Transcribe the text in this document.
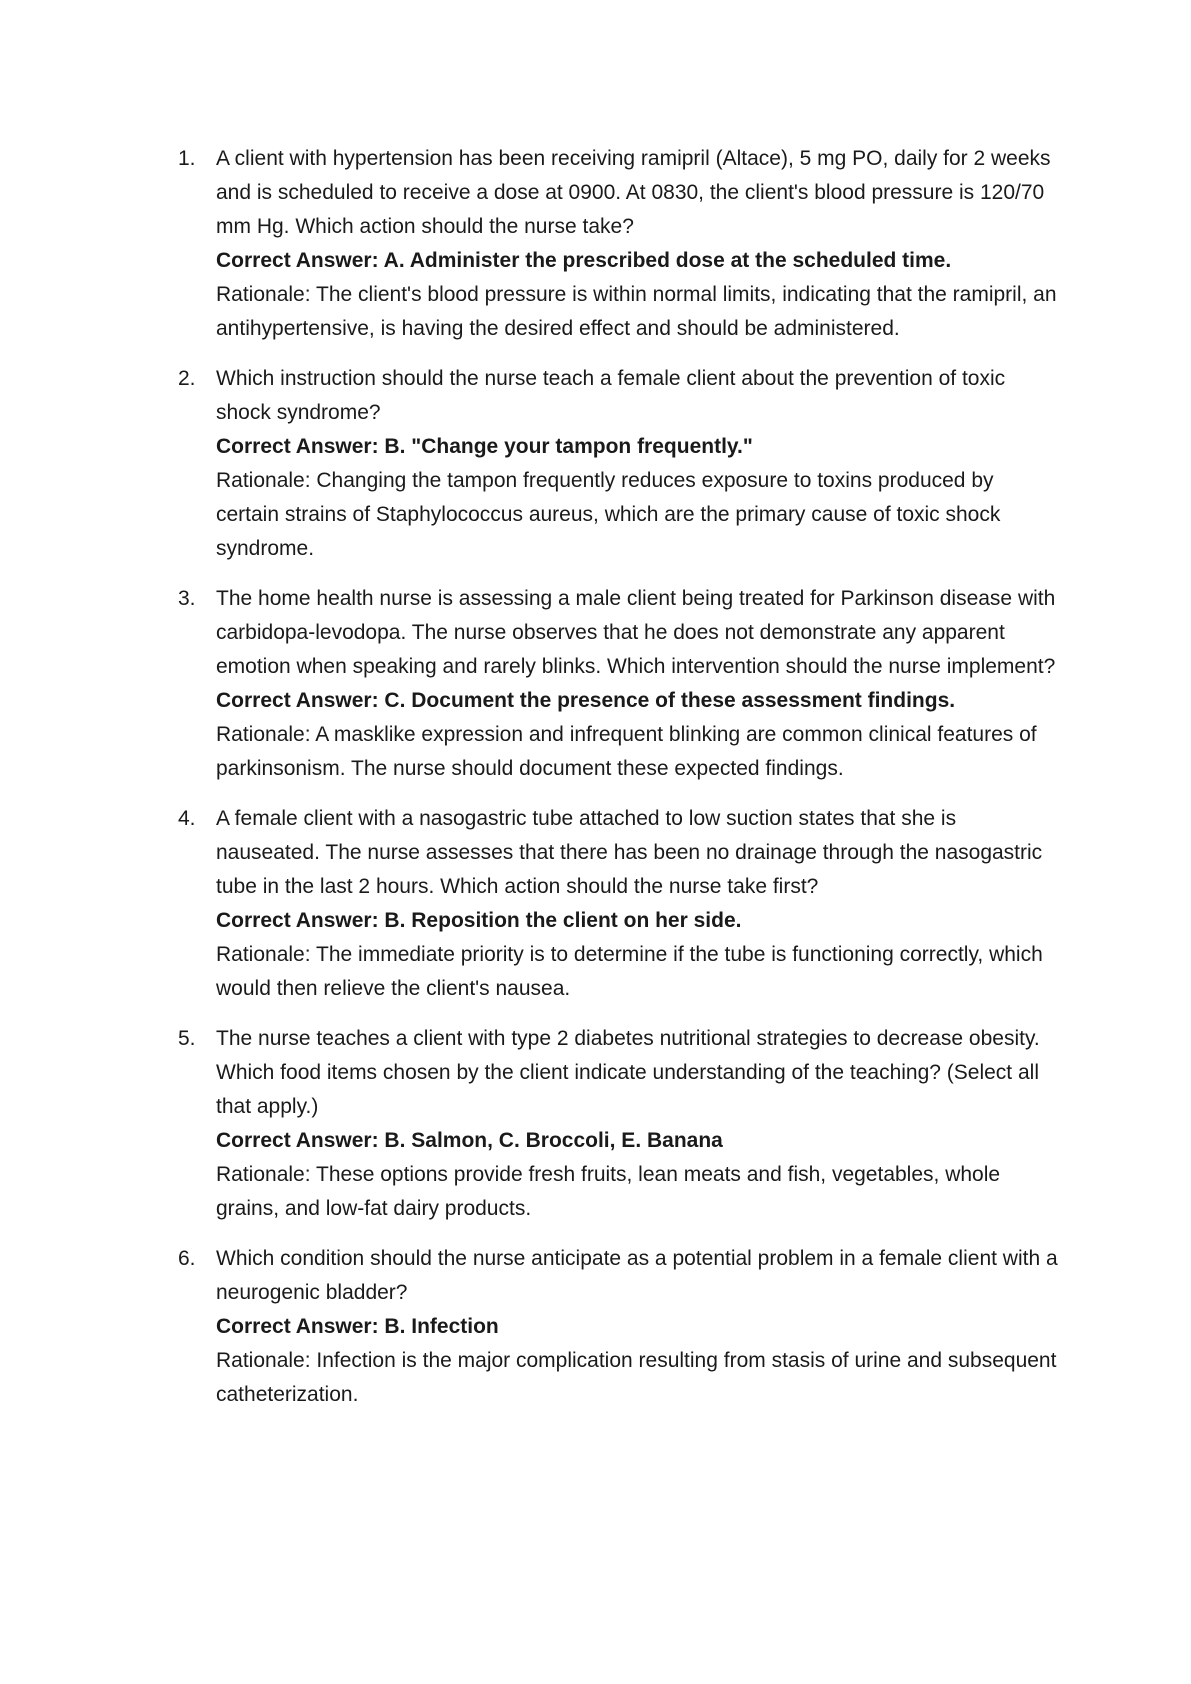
1. A client with hypertension has been receiving ramipril (Altace), 5 mg PO, daily for 2 weeks and is scheduled to receive a dose at 0900. At 0830, the client's blood pressure is 120/70 mm Hg. Which action should the nurse take?
Correct Answer: A. Administer the prescribed dose at the scheduled time.
Rationale: The client's blood pressure is within normal limits, indicating that the ramipril, an antihypertensive, is having the desired effect and should be administered.
2. Which instruction should the nurse teach a female client about the prevention of toxic shock syndrome?
Correct Answer: B. "Change your tampon frequently."
Rationale: Changing the tampon frequently reduces exposure to toxins produced by certain strains of Staphylococcus aureus, which are the primary cause of toxic shock syndrome.
3. The home health nurse is assessing a male client being treated for Parkinson disease with carbidopa-levodopa. The nurse observes that he does not demonstrate any apparent emotion when speaking and rarely blinks. Which intervention should the nurse implement?
Correct Answer: C. Document the presence of these assessment findings.
Rationale: A masklike expression and infrequent blinking are common clinical features of parkinsonism. The nurse should document these expected findings.
4. A female client with a nasogastric tube attached to low suction states that she is nauseated. The nurse assesses that there has been no drainage through the nasogastric tube in the last 2 hours. Which action should the nurse take first?
Correct Answer: B. Reposition the client on her side.
Rationale: The immediate priority is to determine if the tube is functioning correctly, which would then relieve the client's nausea.
5. The nurse teaches a client with type 2 diabetes nutritional strategies to decrease obesity. Which food items chosen by the client indicate understanding of the teaching? (Select all that apply.)
Correct Answer: B. Salmon, C. Broccoli, E. Banana
Rationale: These options provide fresh fruits, lean meats and fish, vegetables, whole grains, and low-fat dairy products.
6. Which condition should the nurse anticipate as a potential problem in a female client with a neurogenic bladder?
Correct Answer: B. Infection
Rationale: Infection is the major complication resulting from stasis of urine and subsequent catheterization.
